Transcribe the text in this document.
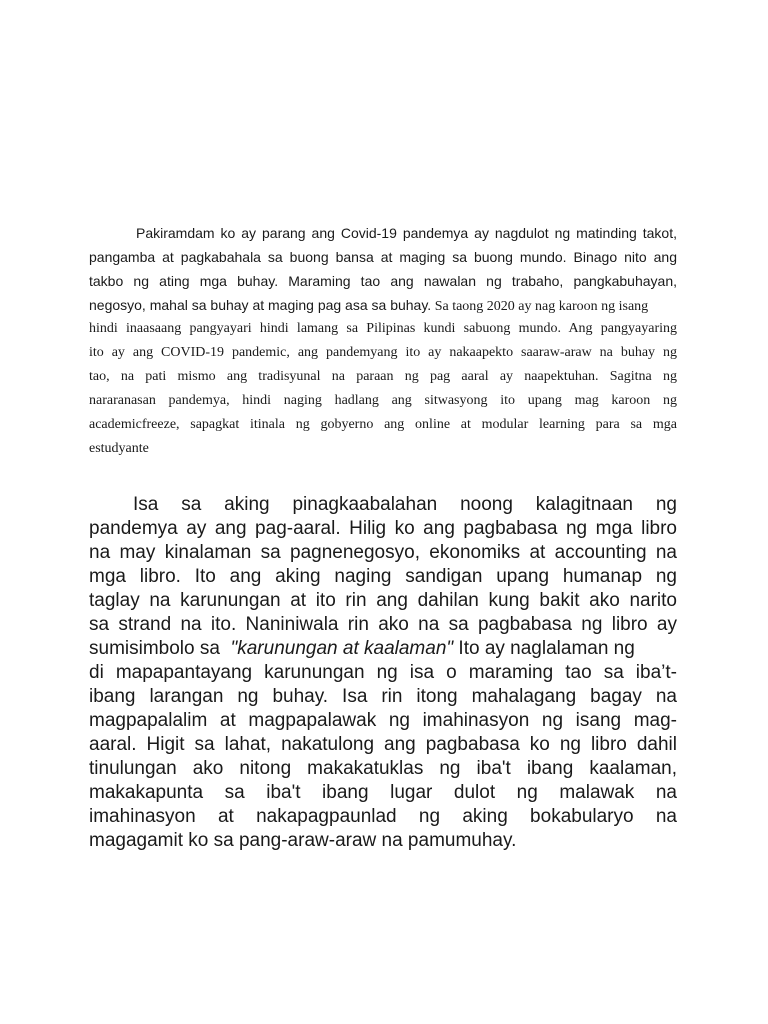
Pakiramdam ko ay parang ang Covid-19 pandemya ay nagdulot ng matinding takot,

pangamba at pagkabahala sa buong bansa at maging sa buong mundo. Binago nito ang

takbo ng ating mga buhay. Maraming tao ang nawalan ng trabaho, pangkabuhayan,

negosyo, mahal sa buhay at maging pag asa sa buhay. Sa taong 2020 ay nag karoon ng isang

hindi inaasaang pangyayari hindi lamang sa Pilipinas kundi sabuong mundo. Ang pangyayaring

ito ay ang COVID-19 pandemic, ang pandemyang ito ay nakaapekto saaraw-araw na buhay ng

tao, na pati mismo ang tradisyunal na paraan ng pag aaral ay naapektuhan. Sagitna ng

nararanasan pandemya, hindi naging hadlang ang sitwasyong ito upang mag karoon ng

academicfreeze, sapagkat itinala ng gobyerno ang online at modular learning para sa mga

estudyante

Isa sa aking pinagkaabalahan noong kalagitnaan ng

pandemya ay ang pag-aaral. Hilig ko ang pagbabasa ng mga libro

na may kinalaman sa pagnenegosyo, ekonomiks at accounting na

mga libro. Ito ang aking naging sandigan upang humanap ng

taglay na karunungan at ito rin ang dahilan kung bakit ako narito

sa strand na ito. Naniniwala rin ako na sa pagbabasa ng libro ay

sumisimbolo sa  "karunungan at kaalaman" Ito ay naglalaman ng

di mapapantayang karunungan ng isa o maraming tao sa iba’t-

ibang larangan ng buhay. Isa rin itong mahalagang bagay na

magpapalalim at magpapalawak ng imahinasyon ng isang mag-

aaral. Higit sa lahat, nakatulong ang pagbabasa ko ng libro dahil

tinulungan ako nitong makakatuklas ng iba't ibang kaalaman,

makakapunta sa iba't ibang lugar dulot ng malawak na

imahinasyon at nakapagpaunlad ng aking bokabularyo na

magagamit ko sa pang-araw-araw na pamumuhay.
